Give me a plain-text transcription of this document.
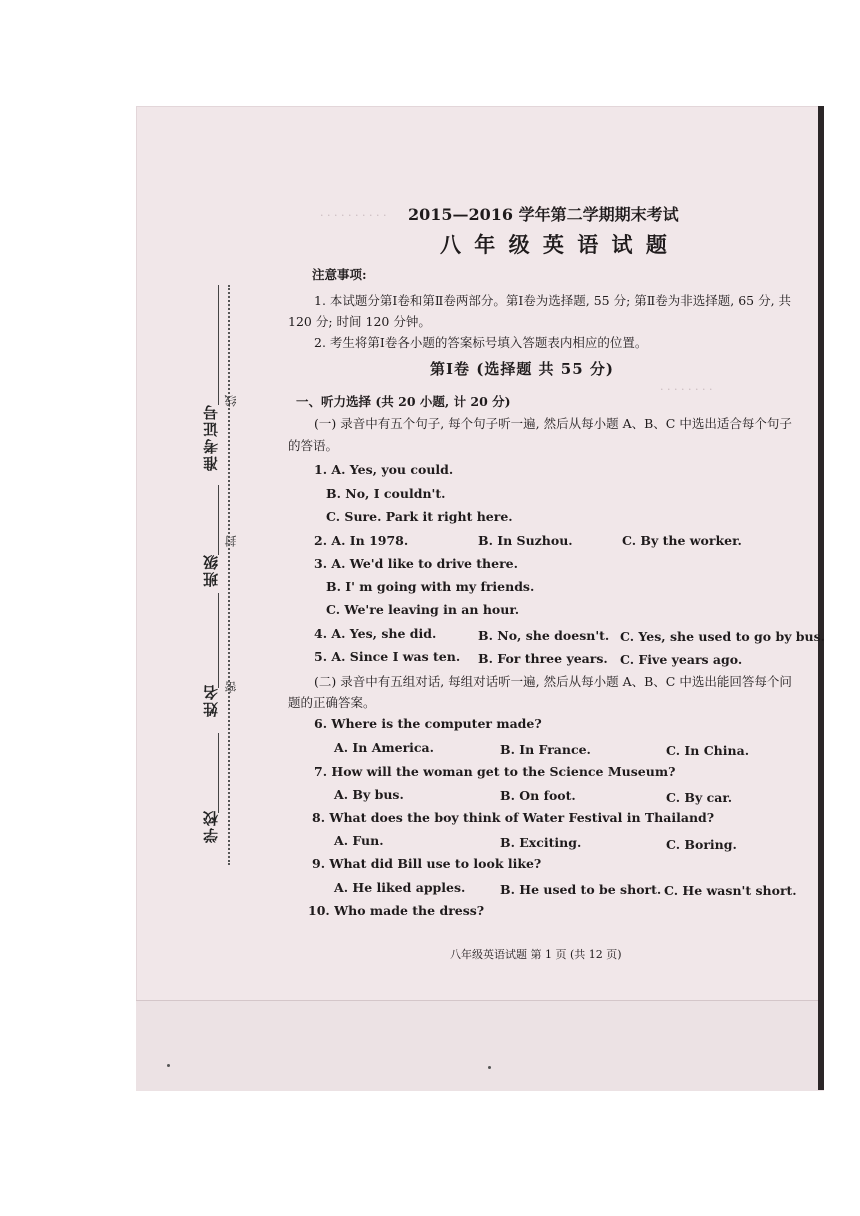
. . . . . . . . . .
. . . . . . . .
准考证号
班级
姓名
学校
线
封
密
2015—2016 学年第二学期期末考试
八 年 级 英 语 试 题
注意事项:
1. 本试题分第Ⅰ卷和第Ⅱ卷两部分。第Ⅰ卷为选择题, 55 分; 第Ⅱ卷为非选择题, 65 分, 共
120 分; 时间 120 分钟。
2. 考生将第Ⅰ卷各小题的答案标号填入答题表内相应的位置。
第Ⅰ卷 (选择题 共 55 分)
一、听力选择 (共 20 小题, 计 20 分)
(一) 录音中有五个句子, 每个句子听一遍, 然后从每小题 A、B、C 中选出适合每个句子
的答语。
1. A. Yes, you could.
B. No, I couldn't.
C. Sure. Park it right here.
2. A. In 1978.	B. In Suzhou.	C. By the worker.
3. A. We'd like to drive there.
B. I' m going with my friends.
C. We're leaving in an hour.
4. A. Yes, she did.	B. No, she doesn't. C. Yes, she used to go by bus.
5. A. Since I was ten. B. For three years. C. Five years ago.
(二) 录音中有五组对话, 每组对话听一遍, 然后从每小题 A、B、C 中选出能回答每个问
题的正确答案。
6. Where is the computer made?
A. In America.	B. In France.	C. In China.
7. How will the woman get to the Science Museum?
A. By bus.	B. On foot.	C. By car.
8. What does the boy think of Water Festival in Thailand?
A. Fun.	B. Exciting.	C. Boring.
9. What did Bill use to look like?
A. He liked apples.	B. He used to be short. C. He wasn't short.
10. Who made the dress?
八年级英语试题 第 1 页 (共 12 页)
